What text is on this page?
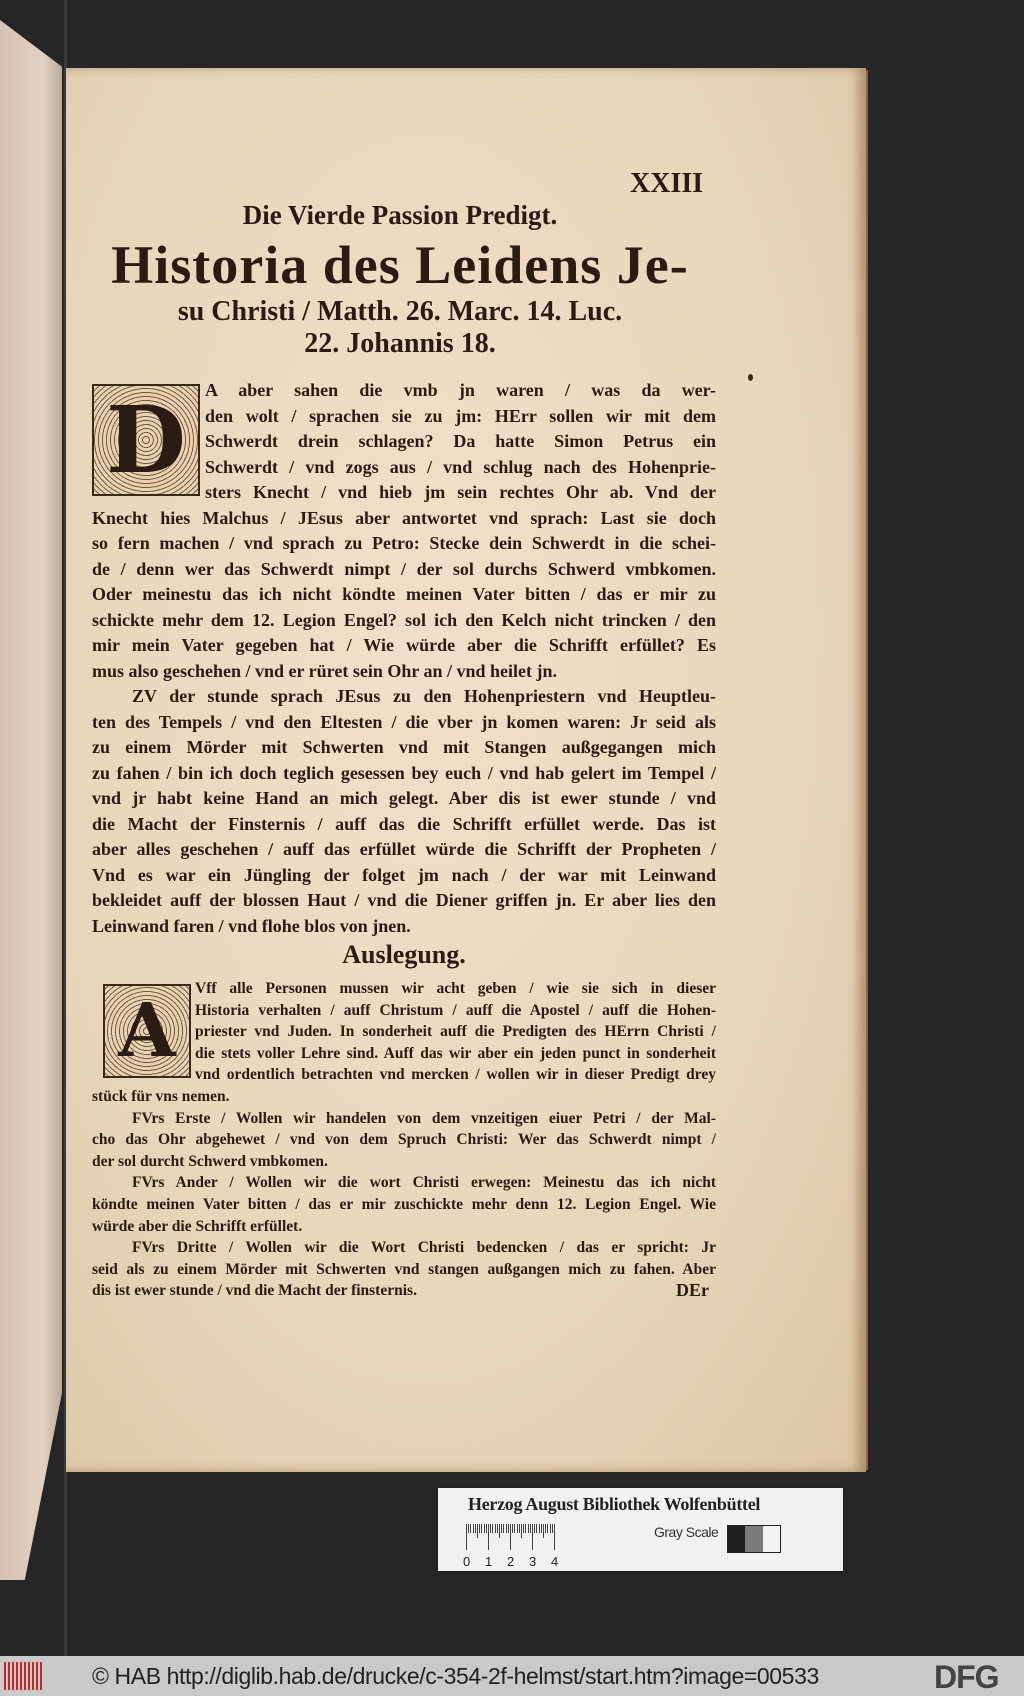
XXIII
Die Vierde Passion Predigt.
Historia des Leidens Je-
su Christi / Matth. 26. Marc. 14. Luc.
22. Johannis 18.
D	A aber sahen die vmb jn waren / was da wer-
den wolt / sprachen sie zu jm: HErr sollen wir mit dem
Schwerdt drein schlagen? Da hatte Simon Petrus ein
Schwerdt / vnd zogs aus / vnd schlug nach des Hohenprie-
sters Knecht / vnd hieb jm sein rechtes Ohr ab. Vnd der
Knecht hies Malchus / JEsus aber antwortet vnd sprach: Last sie doch
so fern machen / vnd sprach zu Petro: Stecke dein Schwerdt in die schei-
de / denn wer das Schwerdt nimpt / der sol durchs Schwerd vmbkomen.
Oder meinestu das ich nicht köndte meinen Vater bitten / das er mir zu
schickte mehr dem 12. Legion Engel? sol ich den Kelch nicht trincken / den
mir mein Vater gegeben hat / Wie würde aber die Schrifft erfüllet? Es
mus also geschehen / vnd er rüret sein Ohr an / vnd heilet jn.
ZV der stunde sprach JEsus zu den Hohenpriestern vnd Heuptleu-
ten des Tempels / vnd den Eltesten / die vber jn komen waren: Jr seid als
zu einem Mörder mit Schwerten vnd mit Stangen außgegangen mich
zu fahen / bin ich doch teglich gesessen bey euch / vnd hab gelert im Tempel /
vnd jr habt keine Hand an mich gelegt. Aber dis ist ewer stunde / vnd
die Macht der Finsternis / auff das die Schrifft erfüllet werde. Das ist
aber alles geschehen / auff das erfüllet würde die Schrifft der Propheten /
Vnd es war ein Jüngling der folget jm nach / der war mit Leinwand
bekleidet auff der blossen Haut / vnd die Diener griffen jn. Er aber lies den
Leinwand faren / vnd flohe blos von jnen.
Auslegung.
A	Vff alle Personen mussen wir acht geben / wie sie sich in dieser
Historia verhalten / auff Christum / auff die Apostel / auff die Hohen-
priester vnd Juden. In sonderheit auff die Predigten des HErrn Christi /
die stets voller Lehre sind. Auff das wir aber ein jeden punct in sonderheit
vnd ordentlich betrachten vnd mercken / wollen wir in dieser Predigt drey
stück für vns nemen.
FVrs Erste / Wollen wir handelen von dem vnzeitigen eiuer Petri / der Mal-
cho das Ohr abgehewet / vnd von dem Spruch Christi: Wer das Schwerdt nimpt /
der sol durcht Schwerd vmbkomen.
FVrs Ander / Wollen wir die wort Christi erwegen: Meinestu das ich nicht
köndte meinen Vater bitten / das er mir zuschickte mehr denn 12. Legion Engel. Wie
würde aber die Schrifft erfüllet.
FVrs Dritte / Wollen wir die Wort Christi bedencken / das er spricht: Jr
seid als zu einem Mörder mit Schwerten vnd stangen außgangen mich zu fahen. Aber
dis ist ewer stunde / vnd die Macht der finsternis.	DEr
Herzog August Bibliothek Wolfenbüttel
0 1 2 3 4
Gray Scale
© HAB http://diglib.hab.de/drucke/c-354-2f-helmst/start.htm?image=00533	DFG
